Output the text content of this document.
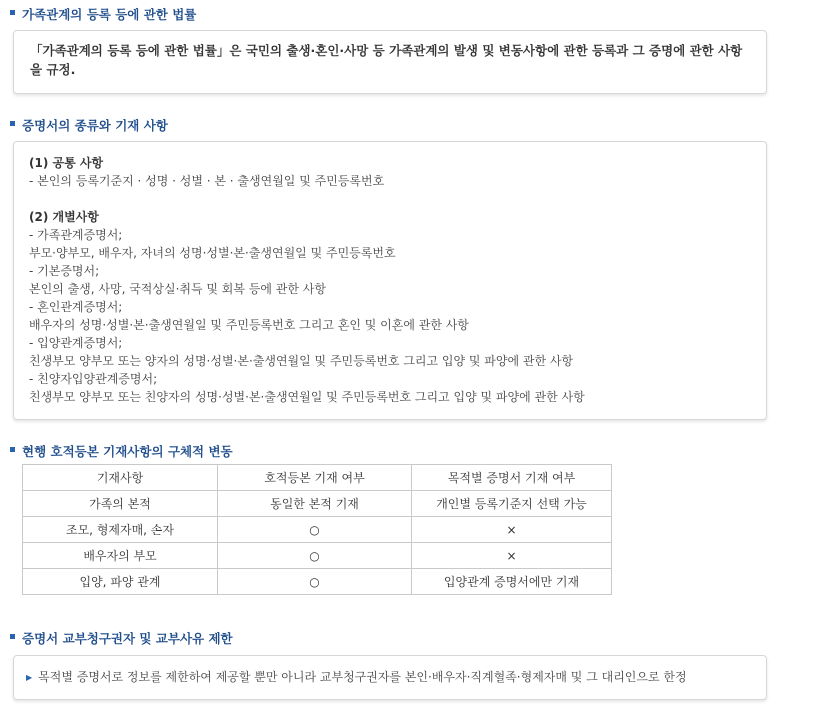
가족관계의 등록 등에 관한 법률
「가족관계의 등록 등에 관한 법률」은 국민의 출생·혼인·사망 등 가족관계의 발생 및 변동사항에 관한 등록과 그 증명에 관한 사항을 규정.
증명서의 종류와 기재 사항
(1) 공통 사항
- 본인의 등록기준지 · 성명 · 성별 · 본 · 출생연월일 및 주민등록번호
(2) 개별사항
- 가족관계증명서;
부모·양부모, 배우자, 자녀의 성명·성별·본·출생연월일 및 주민등록번호
- 기본증명서;
본인의 출생, 사망, 국적상실·취득 및 회복 등에 관한 사항
- 혼인관계증명서;
배우자의 성명·성별·본·출생연월일 및 주민등록번호 그리고 혼인 및 이혼에 관한 사항
- 입양관계증명서;
친생부모 양부모 또는 양자의 성명·성별·본·출생연월일 및 주민등록번호 그리고 입양 및 파양에 관한 사항
- 친양자입양관계증명서;
친생부모 양부모 또는 친양자의 성명·성별·본·출생연월일 및 주민등록번호 그리고 입양 및 파양에 관한 사항
현행 호적등본 기재사항의 구체적 변동
기재사항	호적등본 기재 여부	목적별 증명서 기재 여부
가족의 본적	동일한 본적 기재	개인별 등록기준지 선택 가능
조모, 형제자매, 손자	○	×
배우자의 부모	○	×
입양, 파양 관계	○	입양관계 증명서에만 기재
증명서 교부청구권자 및 교부사유 제한
▶ 목적별 증명서로 정보를 제한하여 제공할 뿐만 아니라 교부청구권자를 본인·배우자·직계혈족·형제자매 및 그 대리인으로 한정
